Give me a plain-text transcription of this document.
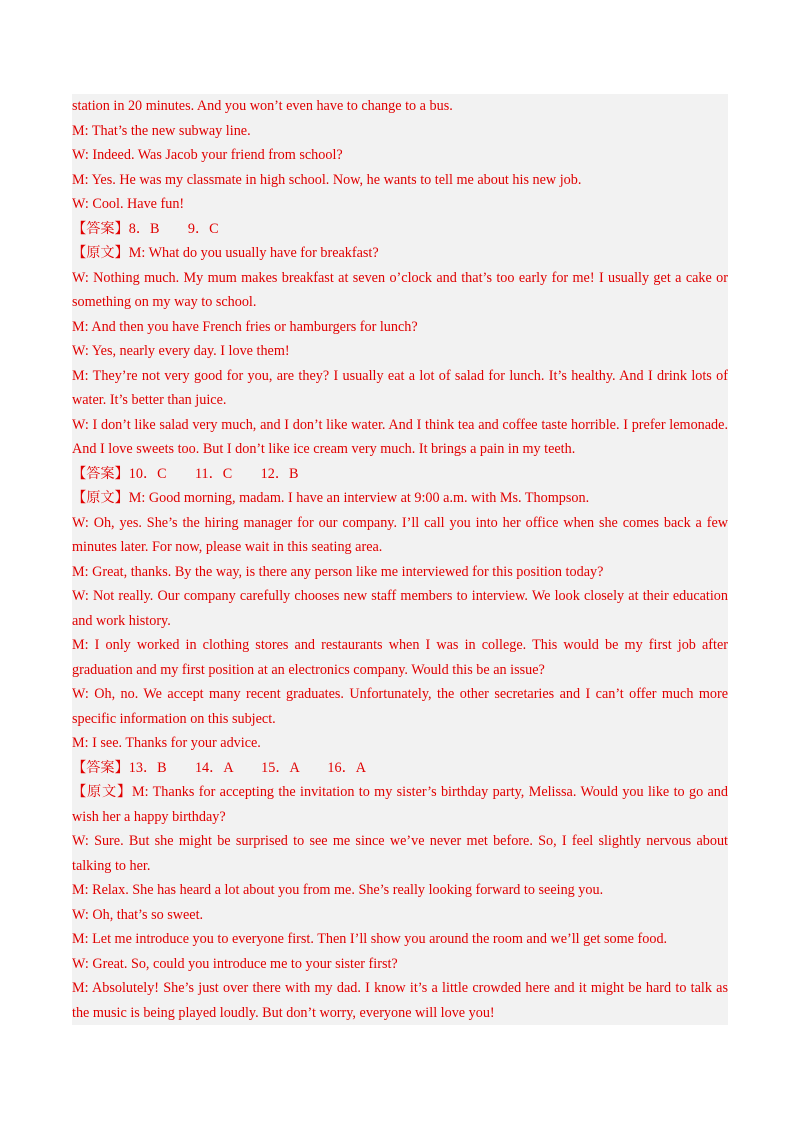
station in 20 minutes. And you won’t even have to change to a bus.

M: That’s the new subway line.

W: Indeed. Was Jacob your friend from school?

M: Yes. He was my classmate in high school. Now, he wants to tell me about his new job.

W: Cool. Have fun!

【答案】8．B　　9．C

【原文】M: What do you usually have for breakfast?

W: Nothing much. My mum makes breakfast at seven o’clock and that’s too early for me! I usually get a cake or something on my way to school.

M: And then you have French fries or hamburgers for lunch?

W: Yes, nearly every day. I love them!

M: They’re not very good for you, are they? I usually eat a lot of salad for lunch. It’s healthy. And I drink lots of water. It’s better than juice.

W: I don’t like salad very much, and I don’t like water. And I think tea and coffee taste horrible. I prefer lemonade. And I love sweets too. But I don’t like ice cream very much. It brings a pain in my teeth.

【答案】10．C　　11．C　　12．B

【原文】M: Good morning, madam. I have an interview at 9:00 a.m. with Ms. Thompson.

W: Oh, yes. She’s the hiring manager for our company. I’ll call you into her office when she comes back a few minutes later. For now, please wait in this seating area.

M: Great, thanks. By the way, is there any person like me interviewed for this position today?

W: Not really. Our company carefully chooses new staff members to interview. We look closely at their education and work history.

M: I only worked in clothing stores and restaurants when I was in college. This would be my first job after graduation and my first position at an electronics company. Would this be an issue?

W: Oh, no. We accept many recent graduates. Unfortunately, the other secretaries and I can’t offer much more specific information on this subject.

M: I see. Thanks for your advice.

【答案】13．B　　14．A　　15．A　　16．A

【原文】M: Thanks for accepting the invitation to my sister’s birthday party, Melissa. Would you like to go and wish her a happy birthday?

W: Sure. But she might be surprised to see me since we’ve never met before. So, I feel slightly nervous about talking to her.

M: Relax. She has heard a lot about you from me. She’s really looking forward to seeing you.

W: Oh, that’s so sweet.

M: Let me introduce you to everyone first. Then I’ll show you around the room and we’ll get some food.

W: Great. So, could you introduce me to your sister first?

M: Absolutely! She’s just over there with my dad. I know it’s a little crowded here and it might be hard to talk as the music is being played loudly. But don’t worry, everyone will love you!
